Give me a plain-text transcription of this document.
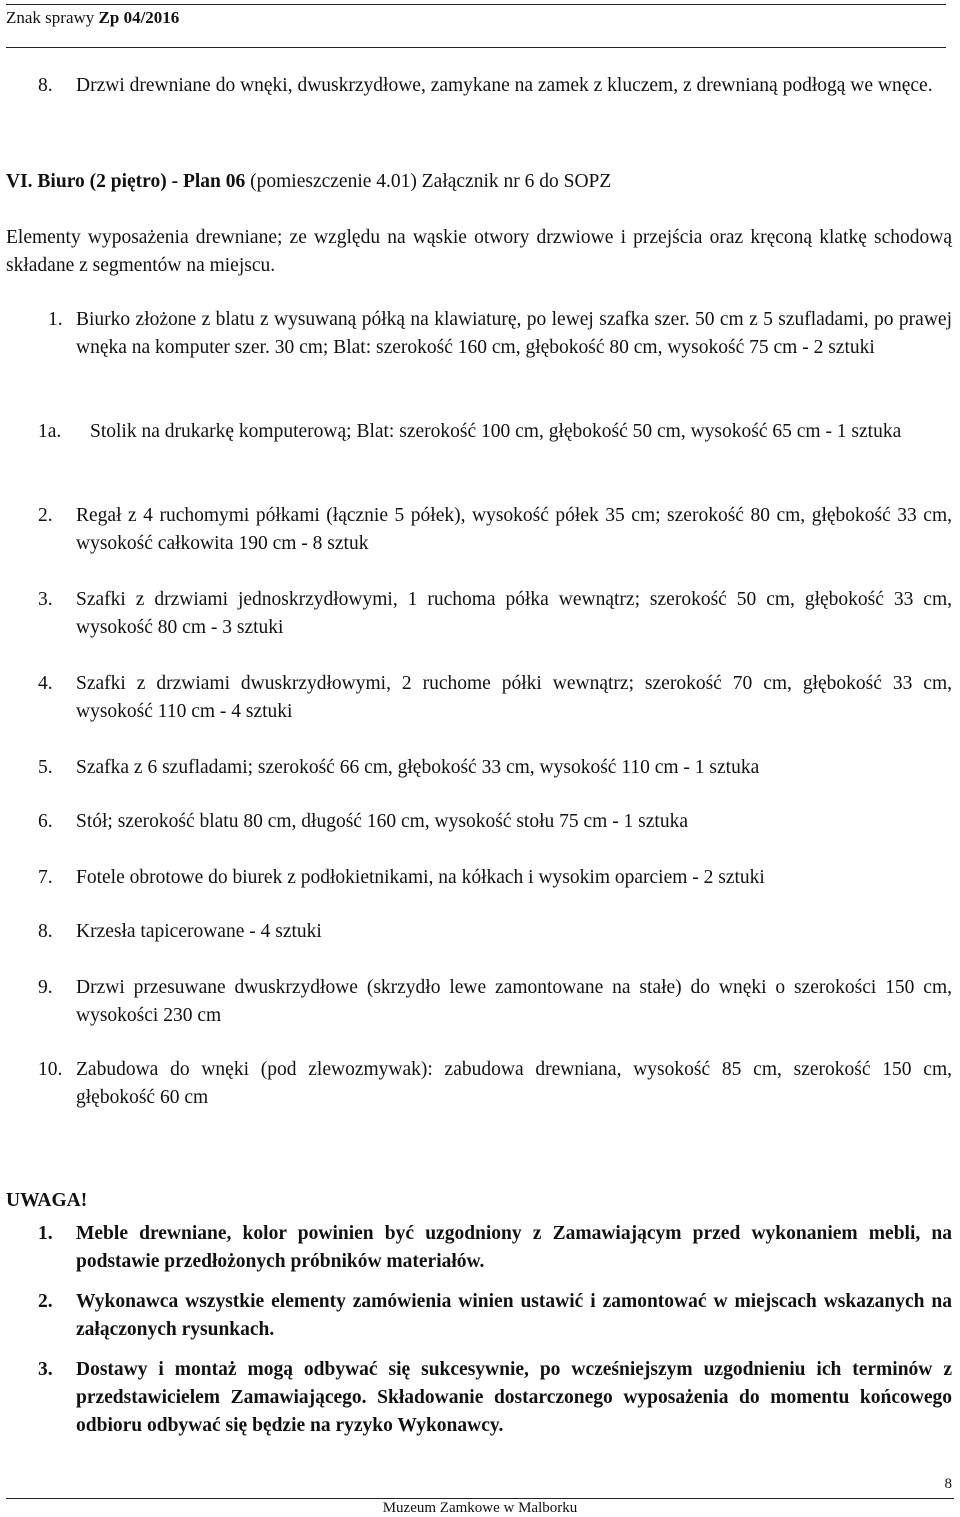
Znak sprawy Zp 04/2016
8. Drzwi drewniane do wnęki, dwuskrzydłowe, zamykane na zamek z kluczem, z drewnianą podłogą we wnęce.
VI. Biuro (2 piętro) - Plan 06 (pomieszczenie 4.01) Załącznik nr 6 do SOPZ
Elementy wyposażenia drewniane; ze względu na wąskie otwory drzwiowe i przejścia oraz kręconą klatkę schodową składane z segmentów na miejscu.
1. Biurko złożone z blatu z wysuwaną półką na klawiaturę, po lewej szafka szer. 50 cm z 5 szufladami, po prawej wnęka na komputer szer. 30 cm; Blat: szerokość 160 cm, głębokość 80 cm, wysokość 75 cm - 2 sztuki
1a. Stolik na drukarkę komputerową; Blat: szerokość 100 cm, głębokość 50 cm, wysokość 65 cm - 1 sztuka
2. Regał z 4 ruchomymi półkami (łącznie 5 półek), wysokość półek 35 cm; szerokość 80 cm, głębokość 33 cm, wysokość całkowita 190 cm - 8 sztuk
3. Szafki z drzwiami jednoskrzydłowymi, 1 ruchoma półka wewnątrz; szerokość 50 cm, głębokość 33 cm, wysokość 80 cm - 3 sztuki
4. Szafki z drzwiami dwuskrzydłowymi, 2 ruchome półki wewnątrz; szerokość 70 cm, głębokość 33 cm, wysokość 110 cm - 4 sztuki
5. Szafka z 6 szufladami; szerokość 66 cm, głębokość 33 cm, wysokość 110 cm - 1 sztuka
6. Stół; szerokość blatu 80 cm, długość 160 cm, wysokość stołu 75 cm - 1 sztuka
7. Fotele obrotowe do biurek z podłokietnikami, na kółkach i wysokim oparciem - 2 sztuki
8. Krzesła tapicerowane - 4 sztuki
9. Drzwi przesuwane dwuskrzydłowe (skrzydło lewe zamontowane na stałe) do wnęki o szerokości 150 cm, wysokości 230 cm
10. Zabudowa do wnęki (pod zlewozmywak): zabudowa drewniana, wysokość 85 cm, szerokość 150 cm, głębokość 60 cm
UWAGA!
1. Meble drewniane, kolor powinien być uzgodniony z Zamawiającym przed wykonaniem mebli, na podstawie przedłożonych próbników materiałów.
2. Wykonawca wszystkie elementy zamówienia winien ustawić i zamontować w miejscach wskazanych na załączonych rysunkach.
3. Dostawy i montaż mogą odbywać się sukcesywnie, po wcześniejszym uzgodnieniu ich terminów z przedstawicielem Zamawiającego. Składowanie dostarczonego wyposażenia do momentu końcowego odbioru odbywać się będzie na ryzyko Wykonawcy.
8
Muzeum Zamkowe w Malborku
